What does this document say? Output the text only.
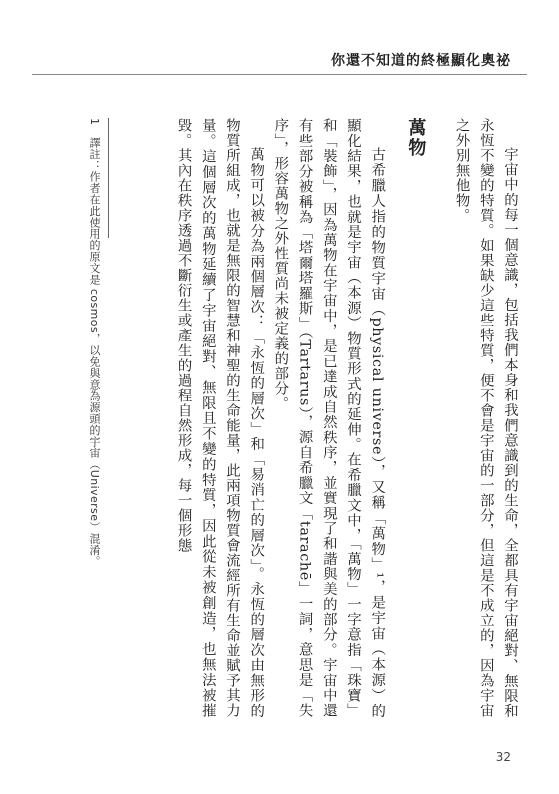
你還不知道的終極顯化奧祕

宇宙中的每一個意識，包括我們本身和我們意識到的生命，全都具有宇宙絕對、無限和永恆不變的特質。如果缺少這些特質，便不會是宇宙的一部分，但這是不成立的，因為宇宙之外別無他物。

萬物

古希臘人指的物質宇宙（physical universe），又稱「萬物」¹，是宇宙（本源）的顯化結果，也就是宇宙（本源）物質形式的延伸。在希臘文中，「萬物」一字意指「珠寶」和「裝飾」，因為萬物在宇宙中，是已達成自然秩序，並實現了和諧與美的部分。宇宙中還有些部分被稱為「塔爾塔羅斯」（Tartarus），源自希臘文「tarachē」一詞，意思是「失序」，形容萬物之外性質尚未被定義的部分。

萬物可以被分為兩個層次：「永恆的層次」和「易消亡的層次」。永恆的層次由無形的物質所組成，也就是無限的智慧和神聖的生命能量，此兩項物質會流經所有生命並賦予其力量。這個層次的萬物延續了宇宙絕對、無限且不變的特質，因此從未被創造，也無法被摧毀。其內在秩序透過不斷衍生或產生的過程自然形成，每一個形態

1　譯註：作者在此使用的原文是 cosmos，以免與意為源頭的宇宙（Universe）混淆。
32
